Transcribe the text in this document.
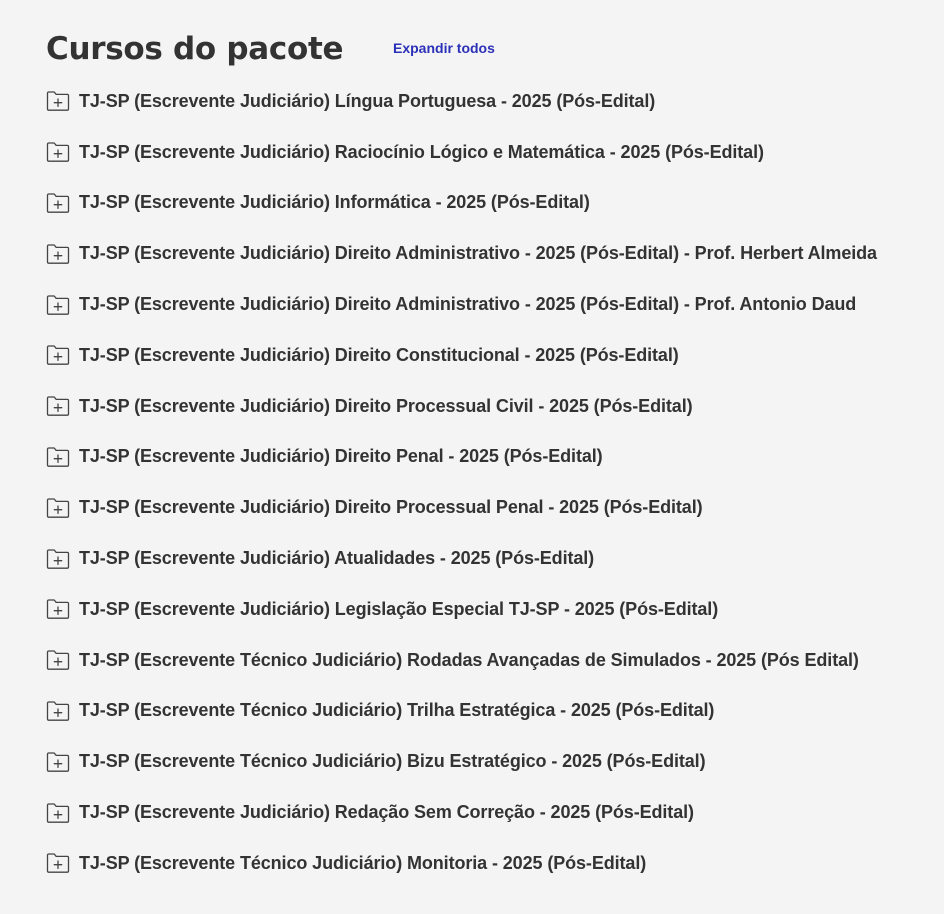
Cursos do pacote	Expandir todos
TJ-SP (Escrevente Judiciário) Língua Portuguesa - 2025 (Pós-Edital)
TJ-SP (Escrevente Judiciário) Raciocínio Lógico e Matemática - 2025 (Pós-Edital)
TJ-SP (Escrevente Judiciário) Informática - 2025 (Pós-Edital)
TJ-SP (Escrevente Judiciário) Direito Administrativo - 2025 (Pós-Edital) - Prof. Herbert Almeida
TJ-SP (Escrevente Judiciário) Direito Administrativo - 2025 (Pós-Edital) - Prof. Antonio Daud
TJ-SP (Escrevente Judiciário) Direito Constitucional - 2025 (Pós-Edital)
TJ-SP (Escrevente Judiciário) Direito Processual Civil - 2025 (Pós-Edital)
TJ-SP (Escrevente Judiciário) Direito Penal - 2025 (Pós-Edital)
TJ-SP (Escrevente Judiciário) Direito Processual Penal - 2025 (Pós-Edital)
TJ-SP (Escrevente Judiciário) Atualidades - 2025 (Pós-Edital)
TJ-SP (Escrevente Judiciário) Legislação Especial TJ-SP - 2025 (Pós-Edital)
TJ-SP (Escrevente Técnico Judiciário) Rodadas Avançadas de Simulados - 2025 (Pós Edital)
TJ-SP (Escrevente Técnico Judiciário) Trilha Estratégica - 2025 (Pós-Edital)
TJ-SP (Escrevente Técnico Judiciário) Bizu Estratégico - 2025 (Pós-Edital)
TJ-SP (Escrevente Judiciário) Redação Sem Correção - 2025 (Pós-Edital)
TJ-SP (Escrevente Técnico Judiciário) Monitoria - 2025 (Pós-Edital)
